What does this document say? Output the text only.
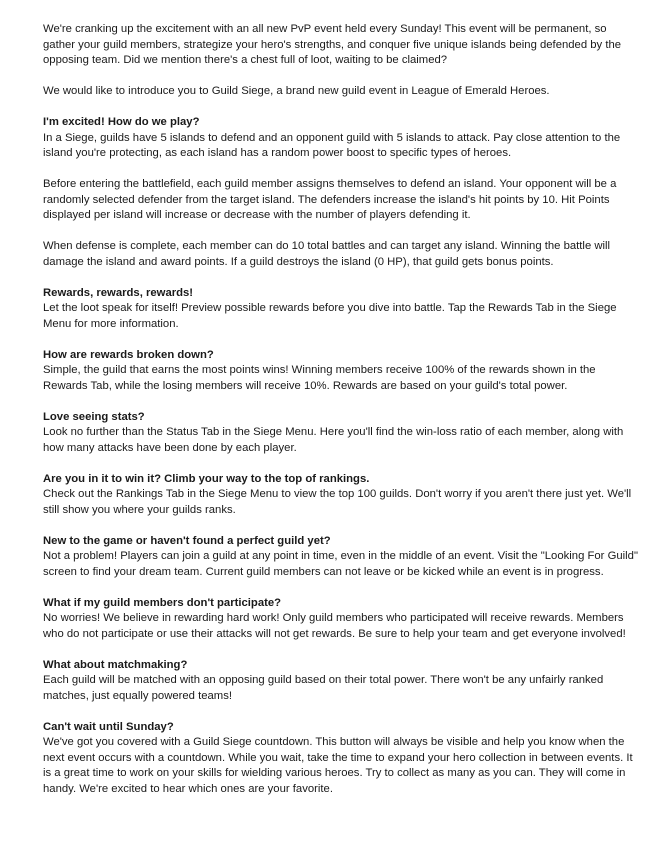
We're cranking up the excitement with an all new PvP event held every Sunday! This event will be permanent, so gather your guild members, strategize your hero's strengths, and conquer five unique islands being defended by the opposing team. Did we mention there's a chest full of loot, waiting to be claimed?

We would like to introduce you to Guild Siege, a brand new guild event in League of Emerald Heroes.

I'm excited! How do we play?
In a Siege, guilds have 5 islands to defend and an opponent guild with 5 islands to attack. Pay close attention to the island you're protecting, as each island has a random power boost to specific types of heroes.
Before entering the battlefield, each guild member assigns themselves to defend an island. Your opponent will be a randomly selected defender from the target island. The defenders increase the island's hit points by 10. Hit Points displayed per island will increase or decrease with the number of players defending it.
When defense is complete, each member can do 10 total battles and can target any island. Winning the battle will damage the island and award points. If a guild destroys the island (0 HP), that guild gets bonus points.
Rewards, rewards, rewards!
Let the loot speak for itself! Preview possible rewards before you dive into battle. Tap the Rewards Tab in the Siege Menu for more information.
How are rewards broken down?
Simple, the guild that earns the most points wins! Winning members receive 100% of the rewards shown in the Rewards Tab, while the losing members will receive 10%. Rewards are based on your guild's total power.
Love seeing stats?
Look no further than the Status Tab in the Siege Menu. Here you'll find the win-loss ratio of each member, along with how many attacks have been done by each player.
Are you in it to win it? Climb your way to the top of rankings.
Check out the Rankings Tab in the Siege Menu to view the top 100 guilds. Don't worry if you aren't there just yet. We'll still show you where your guilds ranks.
New to the game or haven't found a perfect guild yet?
Not a problem! Players can join a guild at any point in time, even in the middle of an event. Visit the "Looking For Guild" screen to find your dream team. Current guild members can not leave or be kicked while an event is in progress.
What if my guild members don't participate?
No worries! We believe in rewarding hard work! Only guild members who participated will receive rewards. Members who do not participate or use their attacks will not get rewards. Be sure to help your team and get everyone involved!
What about matchmaking?
Each guild will be matched with an opposing guild based on their total power. There won't be any unfairly ranked matches, just equally powered teams!
Can't wait until Sunday?
We've got you covered with a Guild Siege countdown. This button will always be visible and help you know when the next event occurs with a countdown. While you wait, take the time to expand your hero collection in between events. It is a great time to work on your skills for wielding various heroes. Try to collect as many as you can. They will come in handy. We're excited to hear which ones are your favorite.
